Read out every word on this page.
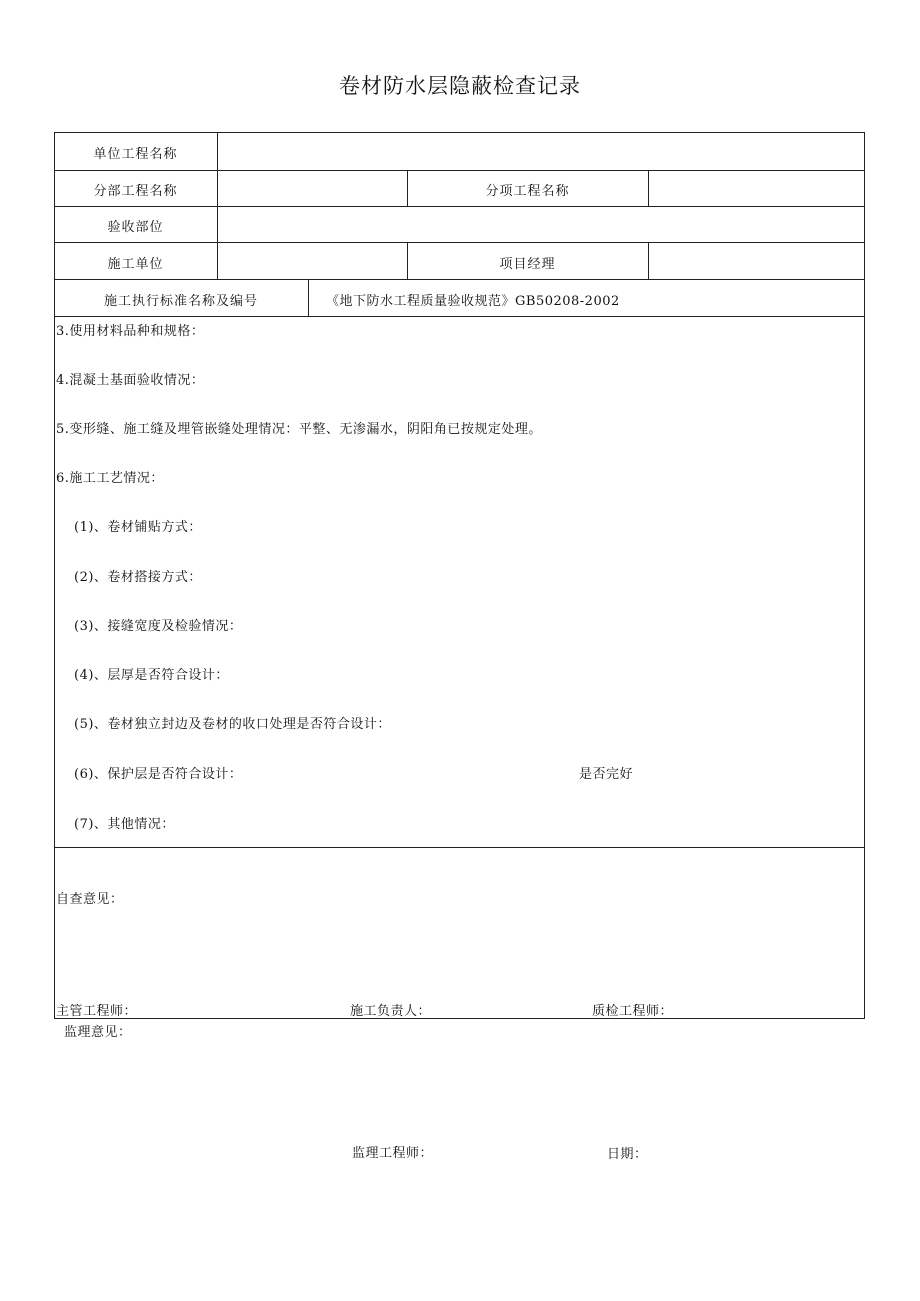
卷材防水层隐蔽检查记录
单位工程名称
分部工程名称	分项工程名称
验收部位
施工单位	项目经理
施工执行标准名称及编号	《地下防水工程质量验收规范》GB50208-2002
3.使用材料品种和规格：
4.混凝土基面验收情况：
5.变形缝、施工缝及埋管嵌缝处理情况：平整、无渗漏水，阴阳角已按规定处理。
6.施工工艺情况：
(1)、卷材铺贴方式：
(2)、卷材搭接方式：
(3)、接缝宽度及检验情况：
(4)、层厚是否符合设计：
(5)、卷材独立封边及卷材的收口处理是否符合设计：
(6)、保护层是否符合设计：	是否完好
(7)、其他情况：
自查意见：
主管工程师：	施工负责人：	质检工程师：
监理意见：
监理工程师：	日期：
